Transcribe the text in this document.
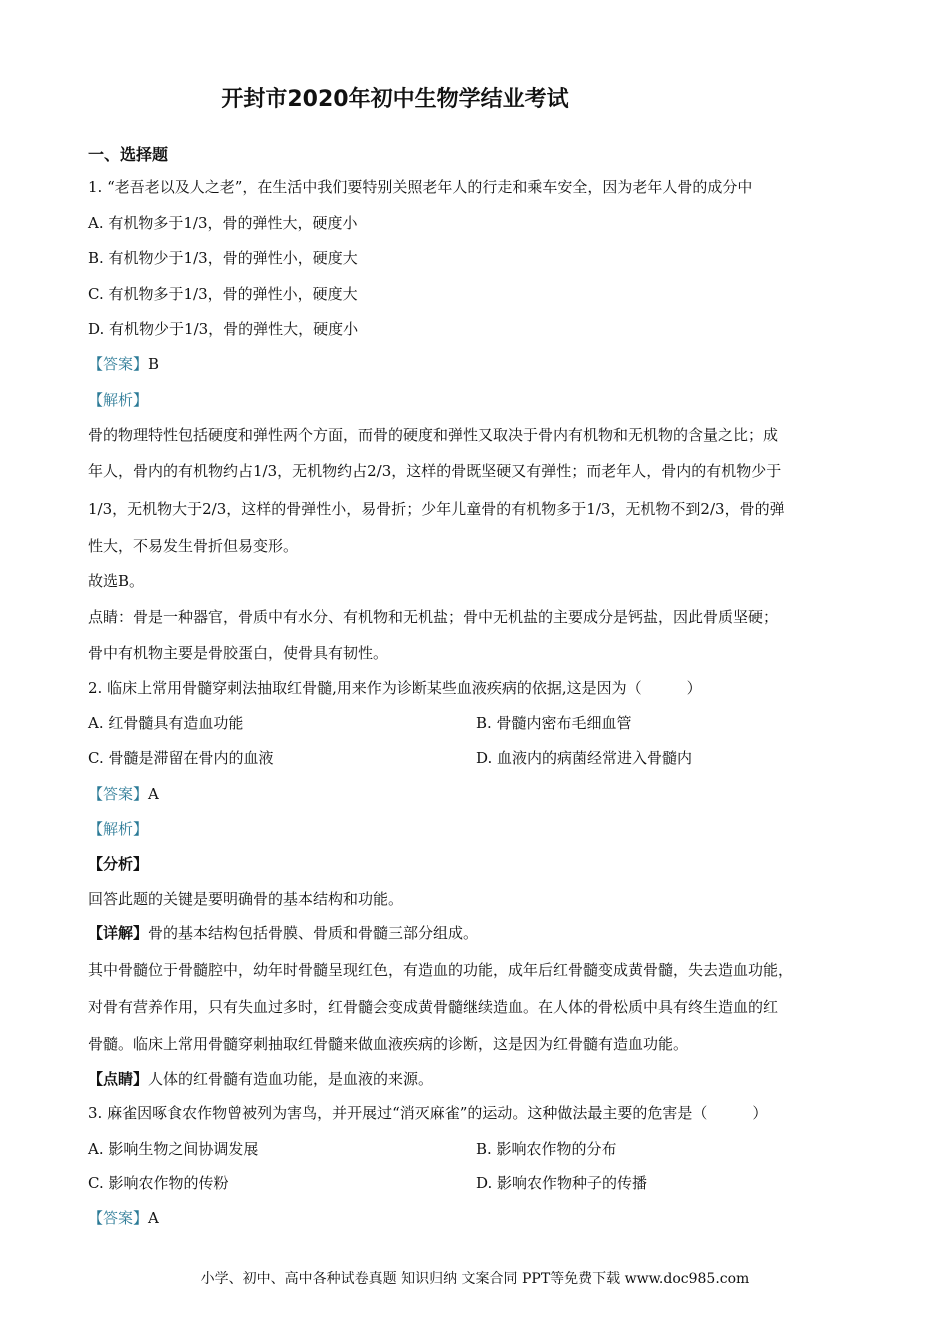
开封市2020年初中生物学结业考试

一、选择题

1. “老吾老以及人之老”，在生活中我们要特别关照老年人的行走和乘车安全，因为老年人骨的成分中

A. 有机物多于1/3，骨的弹性大，硬度小

B. 有机物少于1/3，骨的弹性小，硬度大

C. 有机物多于1/3，骨的弹性小，硬度大

D. 有机物少于1/3，骨的弹性大，硬度小

【答案】B

【解析】

骨的物理特性包括硬度和弹性两个方面，而骨的硬度和弹性又取决于骨内有机物和无机物的含量之比；成

年人，骨内的有机物约占1/3，无机物约占2/3，这样的骨既坚硬又有弹性；而老年人，骨内的有机物少于

1/3，无机物大于2/3，这样的骨弹性小，易骨折；少年儿童骨的有机物多于1/3，无机物不到2/3，骨的弹

性大，不易发生骨折但易变形。

故选B。

点睛：骨是一种器官，骨质中有水分、有机物和无机盐；骨中无机盐的主要成分是钙盐，因此骨质坚硬；

骨中有机物主要是骨胶蛋白，使骨具有韧性。

2. 临床上常用骨髓穿刺法抽取红骨髓,用来作为诊断某些血液疾病的依据,这是因为（　　　）

A. 红骨髓具有造血功能	B. 骨髓内密布毛细血管

C. 骨髓是滞留在骨内的血液	D. 血液内的病菌经常进入骨髓内

【答案】A

【解析】

【分析】

回答此题的关键是要明确骨的基本结构和功能。

【详解】骨的基本结构包括骨膜、骨质和骨髓三部分组成。

其中骨髓位于骨髓腔中，幼年时骨髓呈现红色，有造血的功能，成年后红骨髓变成黄骨髓，失去造血功能，

对骨有营养作用，只有失血过多时，红骨髓会变成黄骨髓继续造血。在人体的骨松质中具有终生造血的红

骨髓。临床上常用骨髓穿刺抽取红骨髓来做血液疾病的诊断，这是因为红骨髓有造血功能。

【点睛】人体的红骨髓有造血功能，是血液的来源。

3. 麻雀因啄食农作物曾被列为害鸟，并开展过“消灭麻雀”的运动。这种做法最主要的危害是（　　　）

A. 影响生物之间协调发展	B. 影响农作物的分布

C. 影响农作物的传粉	D. 影响农作物种子的传播

【答案】A

小学、初中、高中各种试卷真题 知识归纳 文案合同 PPT等免费下载 www.doc985.com
